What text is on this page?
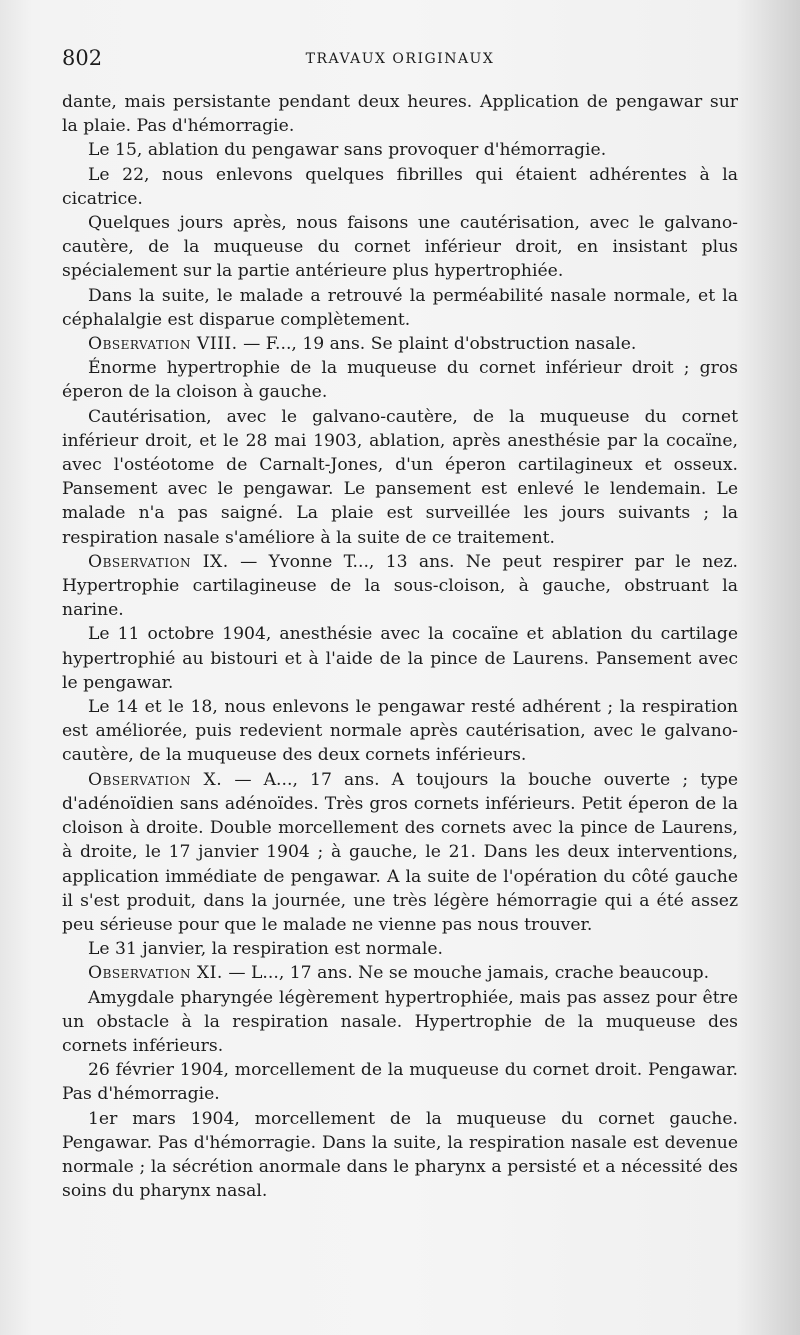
802	TRAVAUX ORIGINAUX

dante, mais persistante pendant deux heures. Application de pengawar sur la plaie. Pas d'hémorragie.

Le 15, ablation du pengawar sans provoquer d'hémorragie.

Le 22, nous enlevons quelques fibrilles qui étaient adhérentes à la cicatrice.

Quelques jours après, nous faisons une cautérisation, avec le galvano-cautère, de la muqueuse du cornet inférieur droit, en insistant plus spécialement sur la partie antérieure plus hypertrophiée.

Dans la suite, le malade a retrouvé la perméabilité nasale normale, et la céphalalgie est disparue complètement.

Observation VIII. — F..., 19 ans. Se plaint d'obstruction nasale.

Énorme hypertrophie de la muqueuse du cornet inférieur droit ; gros éperon de la cloison à gauche.

Cautérisation, avec le galvano-cautère, de la muqueuse du cornet inférieur droit, et le 28 mai 1903, ablation, après anesthésie par la cocaïne, avec l'ostéotome de Carnalt-Jones, d'un éperon cartilagineux et osseux. Pansement avec le pengawar. Le pansement est enlevé le lendemain. Le malade n'a pas saigné. La plaie est surveillée les jours suivants ; la respiration nasale s'améliore à la suite de ce traitement.

Observation IX. — Yvonne T..., 13 ans. Ne peut respirer par le nez. Hypertrophie cartilagineuse de la sous-cloison, à gauche, obstruant la narine.

Le 11 octobre 1904, anesthésie avec la cocaïne et ablation du cartilage hypertrophié au bistouri et à l'aide de la pince de Laurens. Pansement avec le pengawar.

Le 14 et le 18, nous enlevons le pengawar resté adhérent ; la respiration est améliorée, puis redevient normale après cautérisation, avec le galvano-cautère, de la muqueuse des deux cornets inférieurs.

Observation X. — A..., 17 ans. A toujours la bouche ouverte ; type d'adénoïdien sans adénoïdes. Très gros cornets inférieurs. Petit éperon de la cloison à droite. Double morcellement des cornets avec la pince de Laurens, à droite, le 17 janvier 1904 ; à gauche, le 21. Dans les deux interventions, application immédiate de pengawar. A la suite de l'opération du côté gauche il s'est produit, dans la journée, une très légère hémorragie qui a été assez peu sérieuse pour que le malade ne vienne pas nous trouver.

Le 31 janvier, la respiration est normale.

Observation XI. — L..., 17 ans. Ne se mouche jamais, crache beaucoup.

Amygdale pharyngée légèrement hypertrophiée, mais pas assez pour être un obstacle à la respiration nasale. Hypertrophie de la muqueuse des cornets inférieurs.

26 février 1904, morcellement de la muqueuse du cornet droit. Pengawar. Pas d'hémorragie.

1er mars 1904, morcellement de la muqueuse du cornet gauche. Pengawar. Pas d'hémorragie. Dans la suite, la respiration nasale est devenue normale ; la sécrétion anormale dans le pharynx a persisté et a nécessité des soins du pharynx nasal.
